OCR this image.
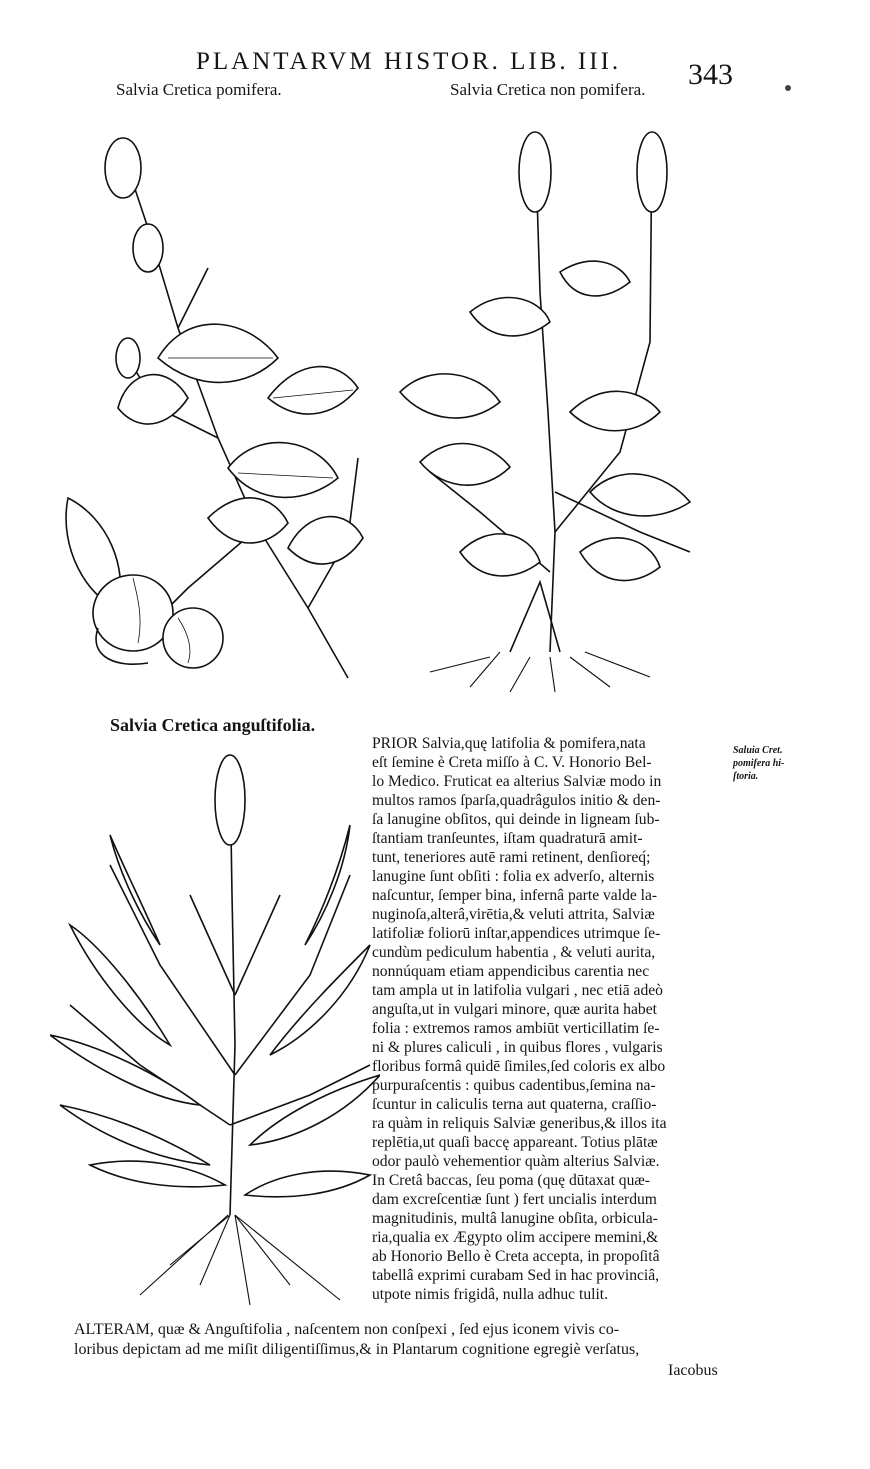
PLANTARVM HISTOR. LIB. III. 343
Salvia Cretica pomifera.	Salvia Cretica non pomifera.
Salvia Cretica anguſtifolia.
Saluia Cret.
pomifera hi-
ſtoria.
PRIOR Salvia,quę latifolia & pomifera,nata
eſt ſemine è Creta miſſo à C. V. Honorio Bel-
lo Medico. Fruticat ea alterius Salviæ modo in
multos ramos ſparſa,quadrâgulos initio & den-
ſa lanugine obſitos, qui deinde in ligneam ſub-
ſtantiam tranſeuntes, iſtam quadraturā amit-
tunt, teneriores autē rami retinent, denſioreq́;
lanugine ſunt obſiti : folia ex adverſo, alternis
naſcuntur, ſemper bina, infernâ parte valde la-
nuginoſa,alterâ,virētia,& veluti attrita, Salviæ
latifoliæ foliorū inſtar,appendices utrimque ſe-
cundùm pediculum habentia , & veluti aurita,
nonnúquam etiam appendicibus carentia nec
tam ampla ut in latifolia vulgari , nec etiā adeò
anguſta,ut in vulgari minore, quæ aurita habet
folia : extremos ramos ambiūt verticillatim ſe-
ni & plures caliculi , in quibus flores , vulgaris
floribus formâ quidē ſimiles,ſed coloris ex albo
purpuraſcentis : quibus cadentibus,ſemina na-
ſcuntur in caliculis terna aut quaterna, craſſio-
ra quàm in reliquis Salviæ generibus,& illos ita
replētia,ut quaſi baccę appareant. Totius plātæ
odor paulò vehementior quàm alterius Salviæ.
In Cretâ baccas, ſeu poma (quę dūtaxat quæ-
dam excreſcentiæ ſunt ) fert uncialis interdum
magnitudinis, multâ lanugine obſita, orbicula-
ria,qualia ex Ægypto olim accipere memini,&
ab Honorio Bello è Creta accepta, in propoſitâ
tabellâ exprimi curabam Sed in hac provinciâ,
utpote nimis frigidâ, nulla adhuc tulit.
ALTERAM, quæ & Anguſtifolia , naſcentem non conſpexi , ſed ejus iconem vivis co-
loribus depictam ad me miſit diligentiſſimus,& in Plantarum cognitione egregiè verſatus,
Iacobus
